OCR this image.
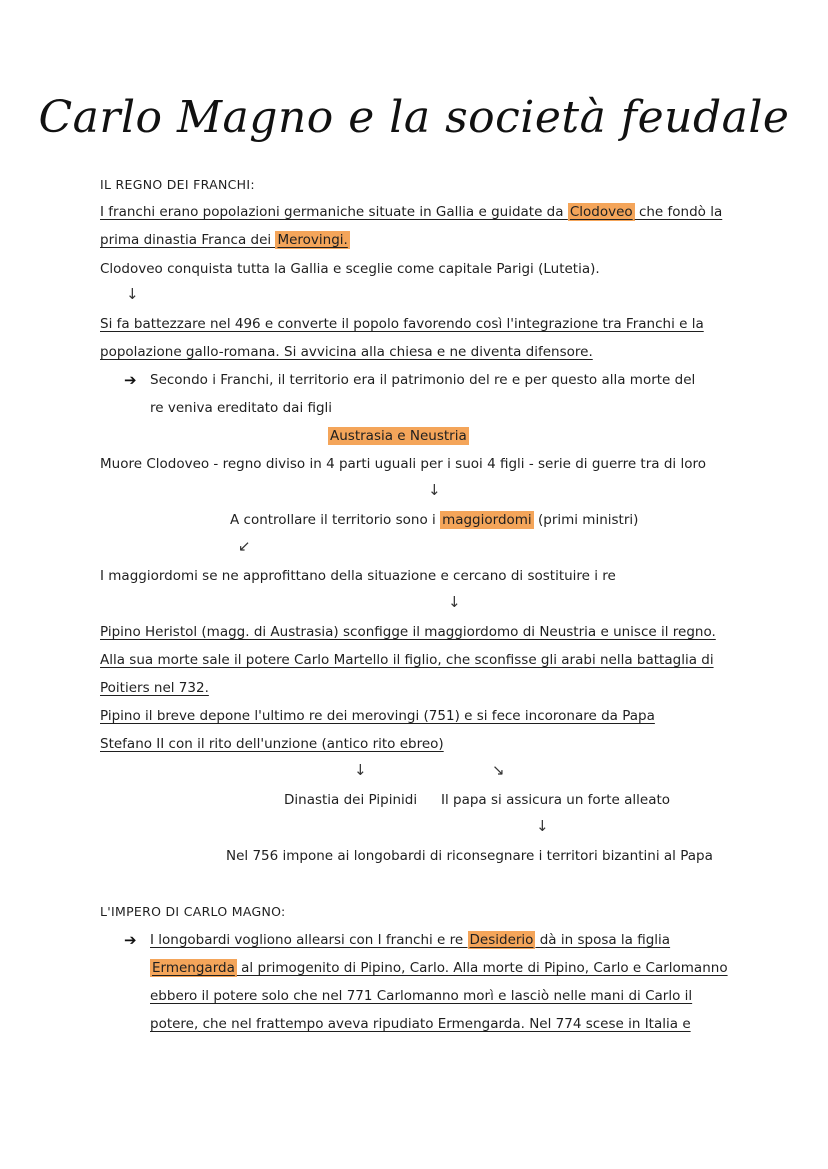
Carlo Magno e la società feudale
IL REGNO DEI FRANCHI:
I franchi erano popolazioni germaniche situate in Gallia e guidate da Clodoveo che fondò la
prima dinastia Franca dei Merovingi.
Clodoveo conquista tutta la Gallia e sceglie come capitale Parigi (Lutetia).
↓
Si fa battezzare nel 496 e converte il popolo favorendo così l'integrazione tra Franchi e la
popolazione gallo-romana. Si avvicina alla chiesa e ne diventa difensore.
➔ Secondo i Franchi, il territorio era il patrimonio del re e per questo alla morte del
re veniva ereditato dai figli
Austrasia e Neustria
Muore Clodoveo - regno diviso in 4 parti uguali per i suoi 4 figli - serie di guerre tra di loro
↓
A controllare il territorio sono i maggiordomi (primi ministri)
↙
I maggiordomi se ne approfittano della situazione e cercano di sostituire i re
↓
Pipino Heristol (magg. di Austrasia) sconfigge il maggiordomo di Neustria e unisce il regno.
Alla sua morte sale il potere Carlo Martello il figlio, che sconfisse gli arabi nella battaglia di
Poitiers nel 732.
Pipino il breve depone l'ultimo re dei merovingi (751) e si fece incoronare da Papa
Stefano II con il rito dell'unzione (antico rito ebreo)
↓	↘
Dinastia dei Pipinidi Il papa si assicura un forte alleato
↓
Nel 756 impone ai longobardi di riconsegnare i territori bizantini al Papa
L'IMPERO DI CARLO MAGNO:
➔ I longobardi vogliono allearsi con I franchi e re Desiderio dà in sposa la figlia
Ermengarda al primogenito di Pipino, Carlo. Alla morte di Pipino, Carlo e Carlomanno
ebbero il potere solo che nel 771 Carlomanno morì e lasciò nelle mani di Carlo il
potere, che nel frattempo aveva ripudiato Ermengarda. Nel 774 scese in Italia e
